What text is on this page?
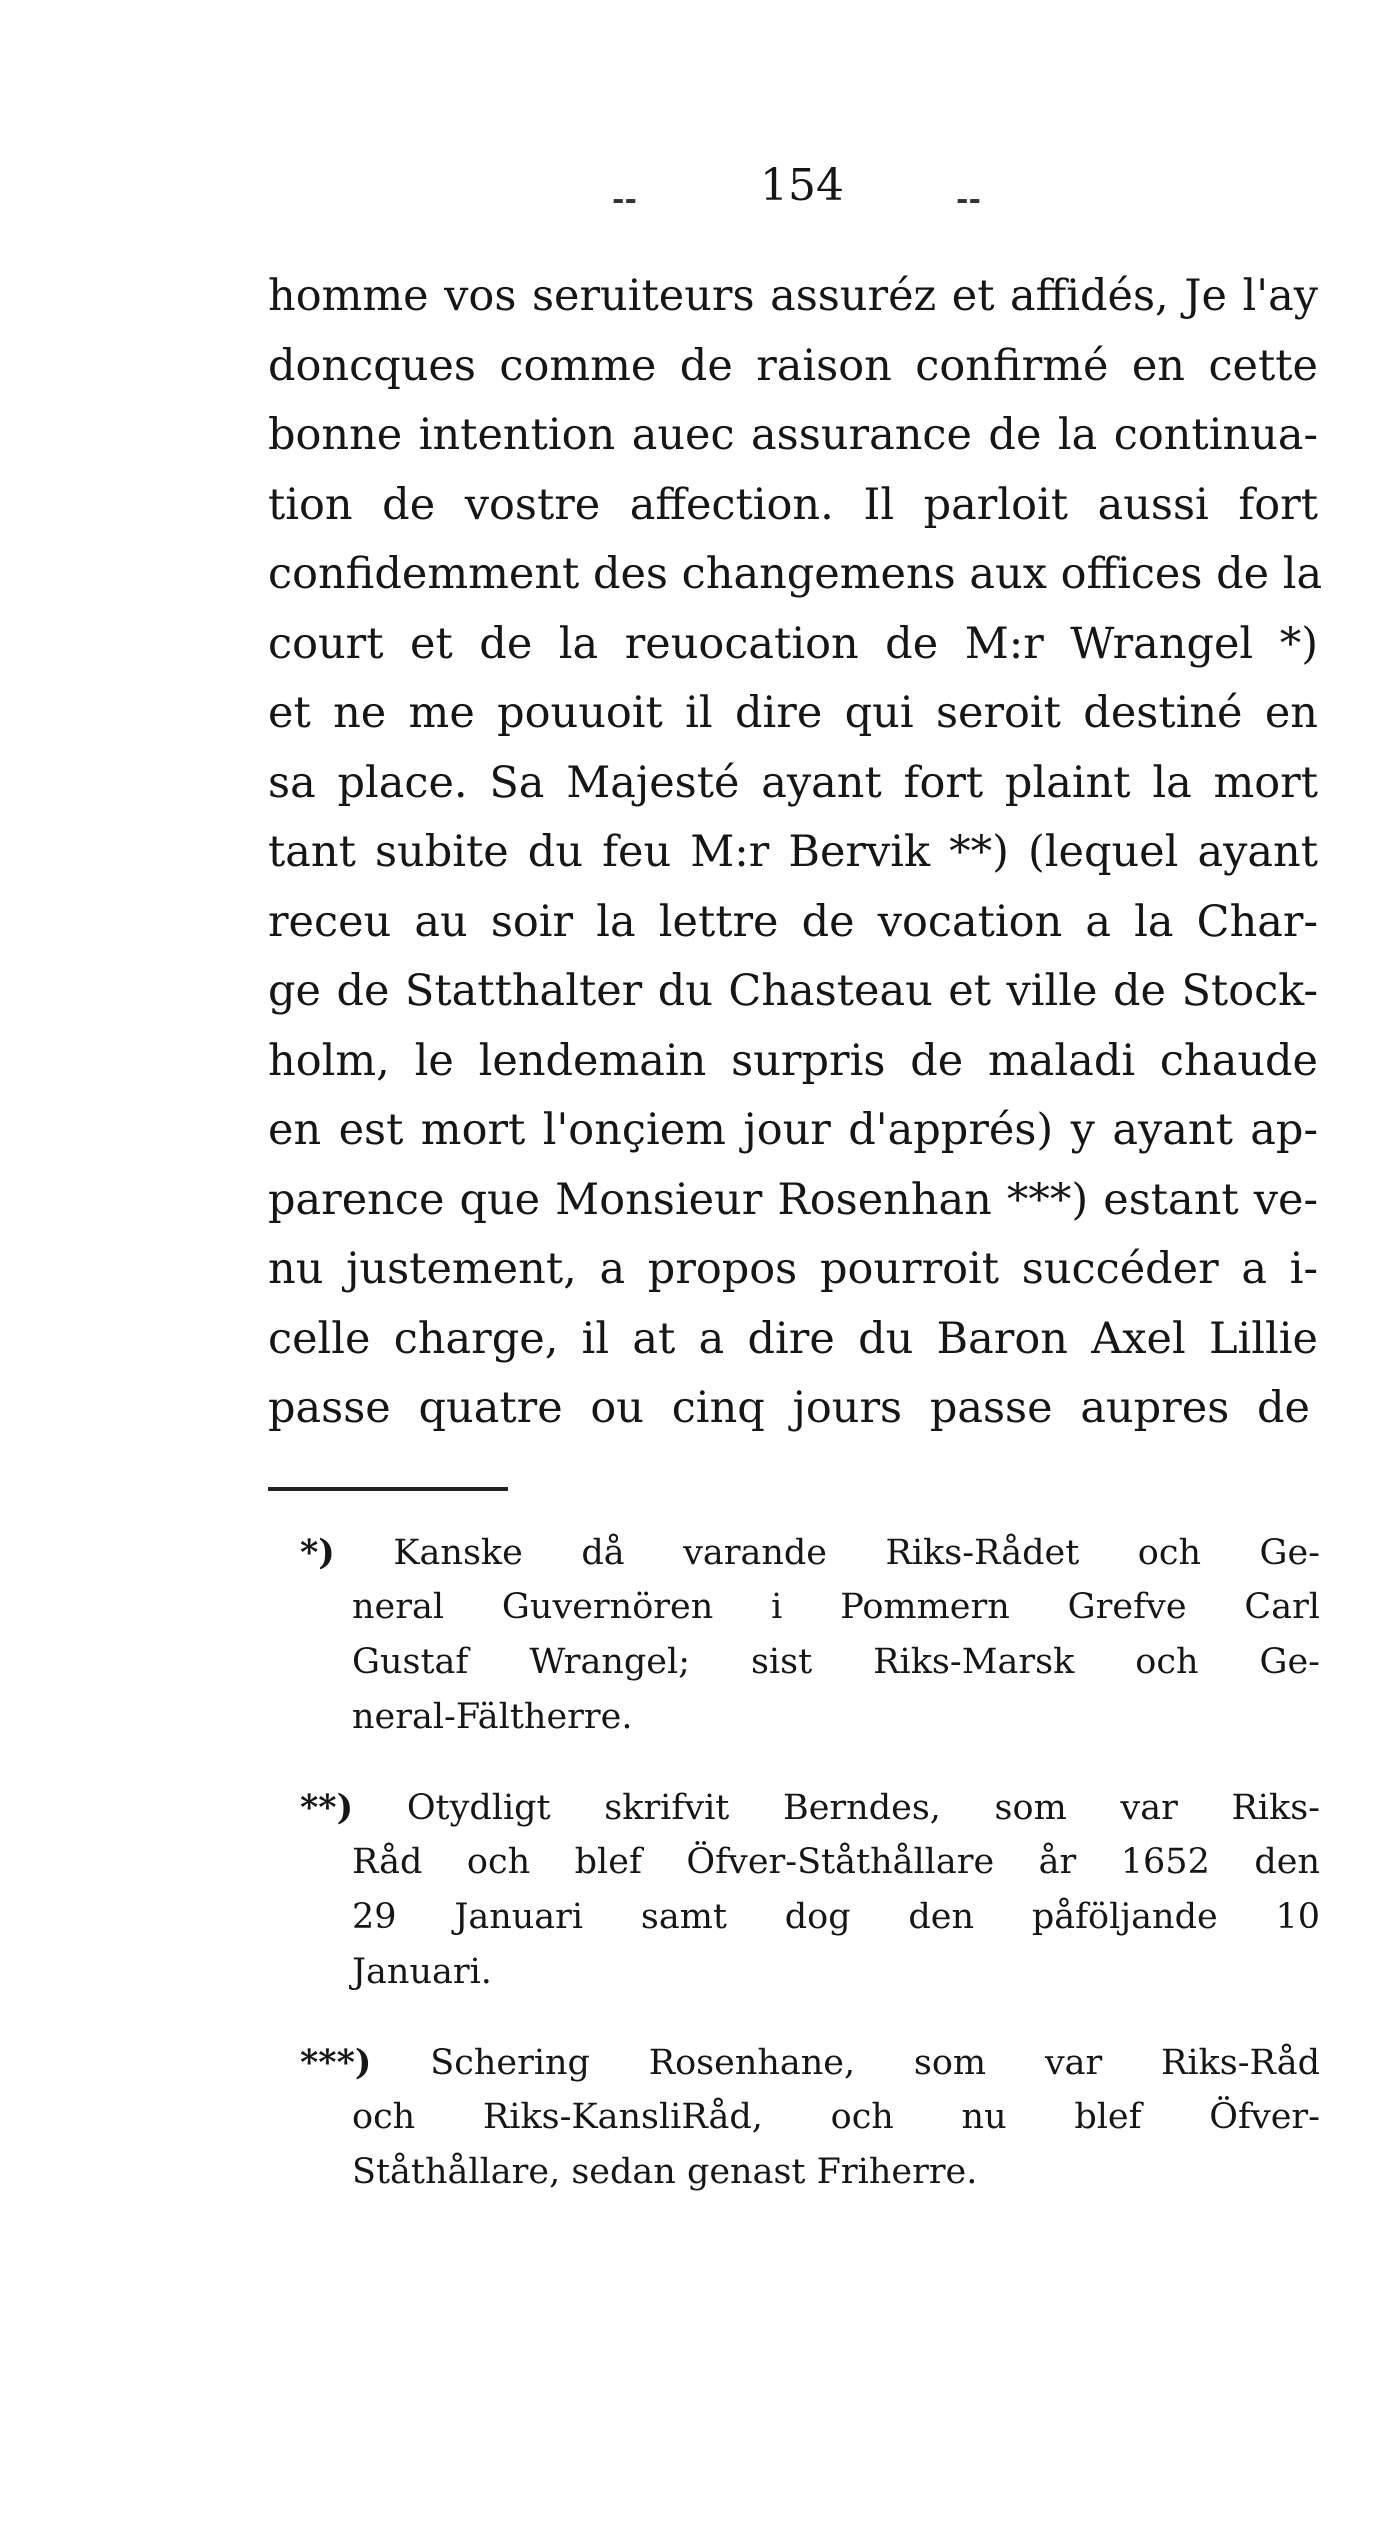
--	154	--
homme vos seruiteurs assuréz et affidés, Je l'ay
doncques comme de raison confirmé en cette
bonne intention auec assurance de la continua-
tion de vostre affection. Il parloit aussi fort
confidemment des changemens aux offices de la
court et de la reuocation de M:r Wrangel *)
et ne me pouuoit il dire qui seroit destiné en
sa place. Sa Majesté ayant fort plaint la mort
tant subite du feu M:r Bervik **) (lequel ayant
receu au soir la lettre de vocation a la Char-
ge de Statthalter du Chasteau et ville de Stock-
holm, le lendemain surpris de maladi chaude
en est mort l'onçiem jour d'apprés) y ayant ap-
parence que Monsieur Rosenhan ***) estant ve-
nu justement, a propos pourroit succéder a i-
celle charge, il at a dire du Baron Axel Lillie
passe quatre ou cinq jours passe aupres de
*) Kanske då varande Riks-Rådet och Ge-
neral Guvernören i Pommern Grefve Carl
Gustaf Wrangel; sist Riks-Marsk och Ge-
neral-Fältherre.
**) Otydligt skrifvit Berndes, som var Riks-
Råd och blef Öfver-Ståthållare år 1652 den
29 Januari samt dog den påföljande 10
Januari.
***) Schering Rosenhane, som var Riks-Råd
och Riks-KansliRåd, och nu blef Öfver-
Ståthållare, sedan genast Friherre.
